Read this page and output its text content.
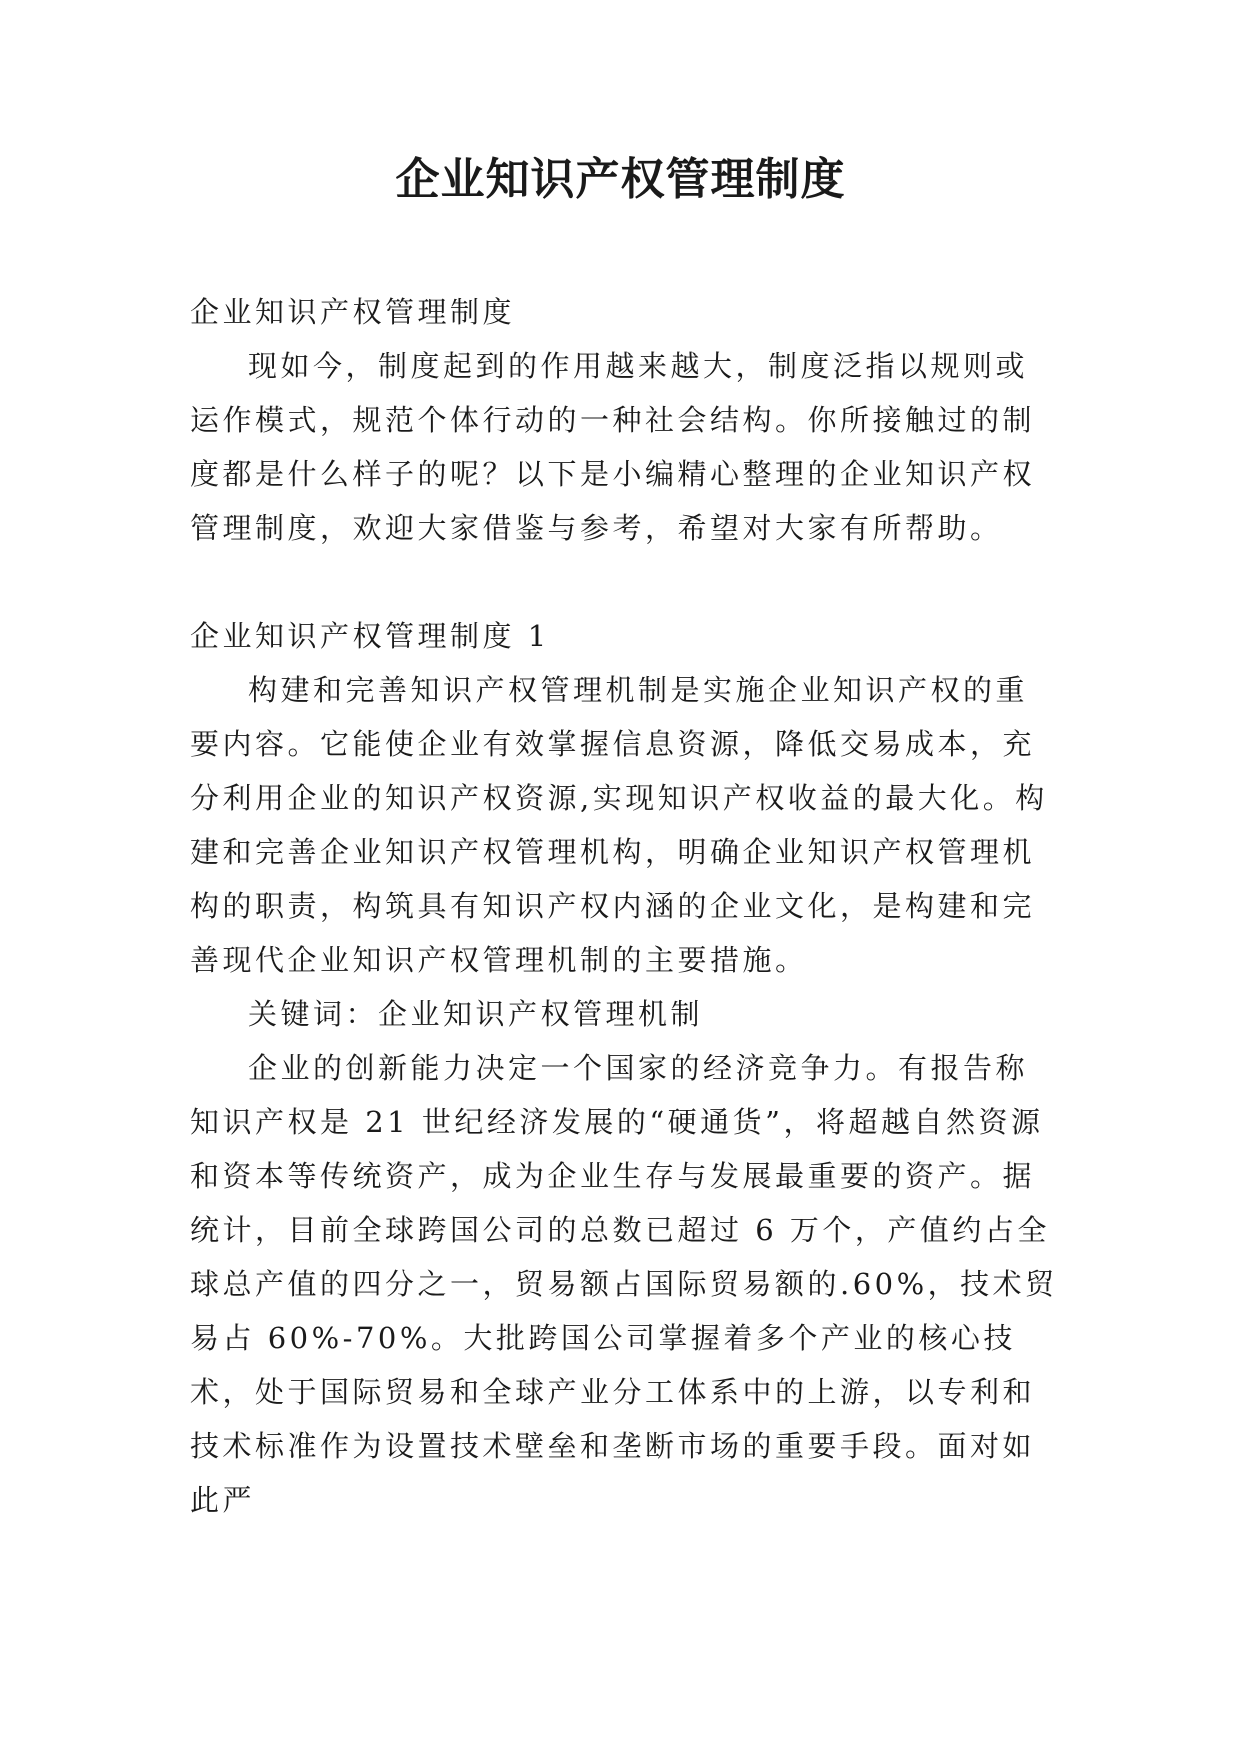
企业知识产权管理制度

企业知识产权管理制度

现如今，制度起到的作用越来越大，制度泛指以规则或运作模式，规范个体行动的一种社会结构。你所接触过的制度都是什么样子的呢？以下是小编精心整理的企业知识产权管理制度，欢迎大家借鉴与参考，希望对大家有所帮助。

企业知识产权管理制度 1

构建和完善知识产权管理机制是实施企业知识产权的重要内容。它能使企业有效掌握信息资源，降低交易成本，充分利用企业的知识产权资源,实现知识产权收益的最大化。构建和完善企业知识产权管理机构，明确企业知识产权管理机构的职责，构筑具有知识产权内涵的企业文化，是构建和完善现代企业知识产权管理机制的主要措施。

关键词：企业知识产权管理机制

企业的创新能力决定一个国家的经济竞争力。有报告称知识产权是 21 世纪经济发展的“硬通货”，将超越自然资源和资本等传统资产，成为企业生存与发展最重要的资产。据统计，目前全球跨国公司的总数已超过 6 万个，产值约占全球总产值的四分之一，贸易额占国际贸易额的.60%，技术贸易占 60%-70%。大批跨国公司掌握着多个产业的核心技术，处于国际贸易和全球产业分工体系中的上游，以专利和技术标准作为设置技术壁垒和垄断市场的重要手段。面对如此严
